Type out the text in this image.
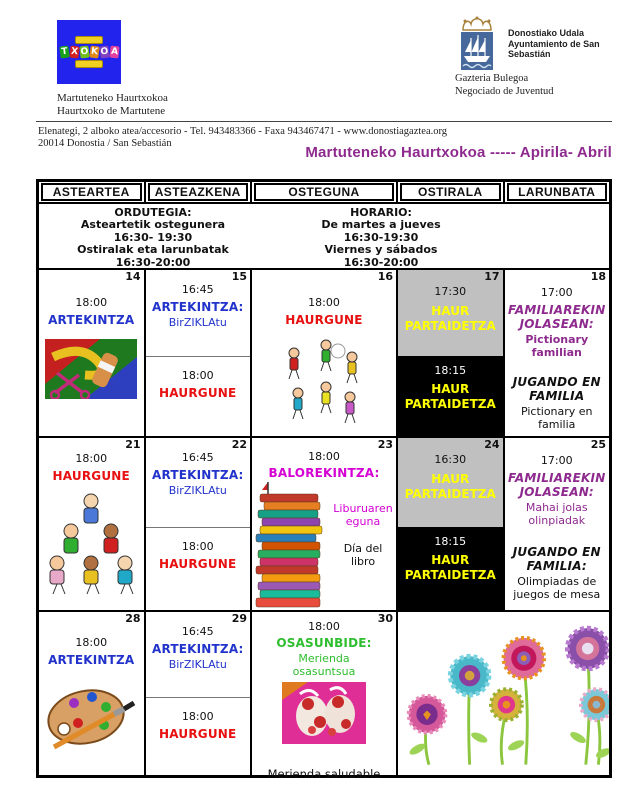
T X O K O A
Martuteneko Haurtxokoa
Haurtxoko de Martutene
Elenategi, 2 alboko atea/accesorio - Tel. 943483366 - Faxa 943467471 - www.donostiagaztea.org
20014 Donostia / San Sebastián
Donostiako Udala
Ayuntamiento de San Sebastián
Gazteria Bulegoa
Negociado de Juventud
Martuteneko Haurtxokoa ----- Apirila- Abril
ASTEARTEA	ASTEAZKENA	OSTEGUNA	OSTIRALA	LARUNBATA
ORDUTEGIA:
Asteartetik ostegunera
16:30- 19:30
Ostiralak eta larunbatak
16:30-20:00
HORARIO:
De martes a jueves
16:30-19:30
Viernes y sábados
16:30-20:00
14
18:00
ARTEKINTZA
15
16:45
ARTEKINTZA:
BirZIKLAtu
18:00
HAURGUNE
16
18:00
HAURGUNE
17
17:30
HAUR PARTAIDETZA
18:15
HAUR PARTAIDETZA
18
17:00
FAMILIAREKIN JOLASEAN:
Pictionary familian
JUGANDO EN FAMILIA
Pictionary en familia
21
18:00
HAURGUNE
22
16:45
ARTEKINTZA:
BirZIKLAtu
18:00
HAURGUNE
23
18:00
BALOREKINTZA:
Liburuaren eguna
Día del libro
24
16:30
HAUR PARTAIDETZA
18:15
HAUR PARTAIDETZA
25
17:00
FAMILIAREKIN JOLASEAN:
Mahai jolas olinpiadak
JUGANDO EN FAMILIA:
Olimpiadas de juegos de mesa
28
18:00
ARTEKINTZA
29
16:45
ARTEKINTZA:
BirZIKLAtu
18:00
HAURGUNE
30
18:00
OSASUNBIDE:
Merienda osasuntsua
Merienda saludable
